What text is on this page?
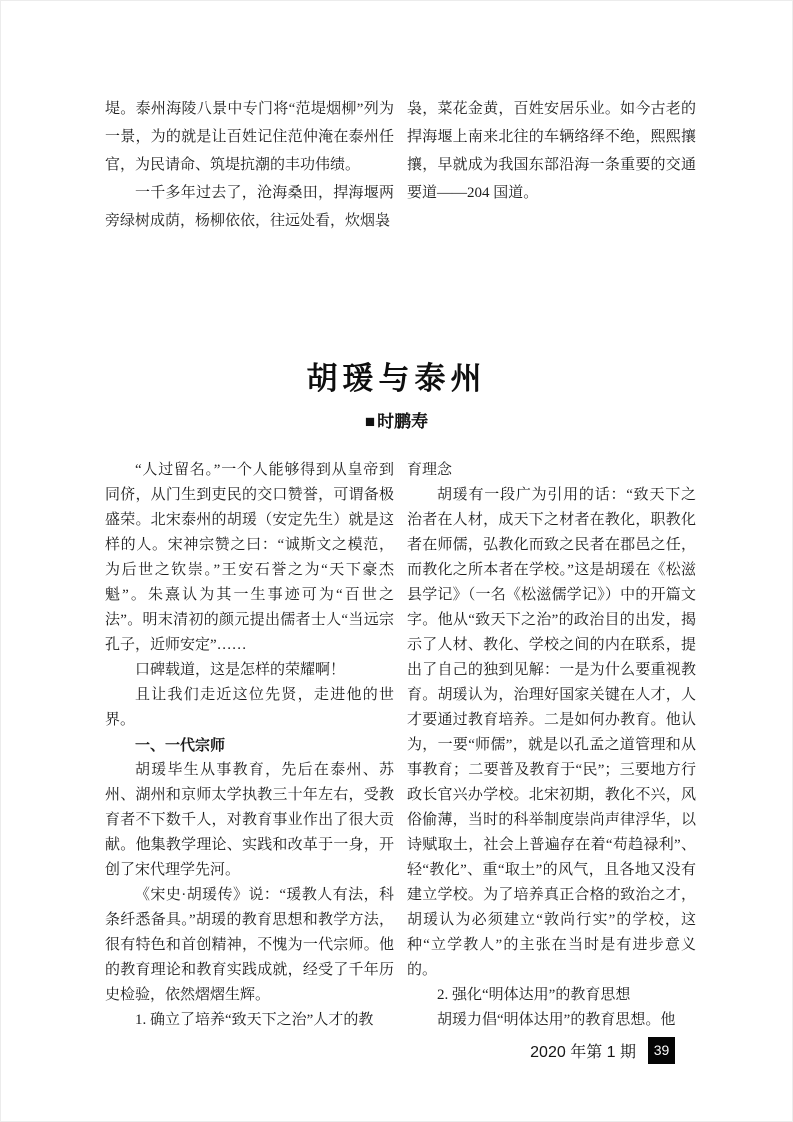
堤。泰州海陵八景中专门将“范堤烟柳”列为一景，为的就是让百姓记住范仲淹在泰州任官，为民请命、筑堤抗潮的丰功伟绩。

一千多年过去了，沧海桑田，捍海堰两旁绿树成荫，杨柳依依，往远处看，炊烟袅

袅，菜花金黄，百姓安居乐业。如今古老的捍海堰上南来北往的车辆络绎不绝，熙熙攘攘，早就成为我国东部沿海一条重要的交通要道——204 国道。

胡瑗与泰州
■ 时鹏寿

“人过留名。”一个人能够得到从皇帝到同侪，从门生到吏民的交口赞誉，可谓备极盛荣。北宋泰州的胡瑗（安定先生）就是这样的人。宋神宗赞之曰：“诚斯文之模范，为后世之钦崇。”王安石誉之为“天下豪杰魁”。朱熹认为其一生事迹可为“百世之法”。明末清初的颜元提出儒者士人“当远宗孔子，近师安定”……

口碑载道，这是怎样的荣耀啊！

且让我们走近这位先贤，走进他的世界。

一、一代宗师

胡瑗毕生从事教育，先后在泰州、苏州、湖州和京师太学执教三十年左右，受教育者不下数千人，对教育事业作出了很大贡献。他集教学理论、实践和改革于一身，开创了宋代理学先河。

《宋史·胡瑗传》说：“瑗教人有法，科条纤悉备具。”胡瑗的教育思想和教学方法，很有特色和首创精神，不愧为一代宗师。他的教育理论和教育实践成就，经受了千年历史检验，依然熠熠生辉。

1. 确立了培养“致天下之治”人才的教

育理念

胡瑗有一段广为引用的话：“致天下之治者在人材，成天下之材者在教化，职教化者在师儒，弘教化而致之民者在郡邑之任，而教化之所本者在学校。”这是胡瑗在《松滋县学记》（一名《松滋儒学记》）中的开篇文字。他从“致天下之治”的政治目的出发，揭示了人材、教化、学校之间的内在联系，提出了自己的独到见解：一是为什么要重视教育。胡瑗认为，治理好国家关键在人才，人才要通过教育培养。二是如何办教育。他认为，一要“师儒”，就是以孔孟之道管理和从事教育；二要普及教育于“民”；三要地方行政长官兴办学校。北宋初期，教化不兴，风俗偷薄，当时的科举制度崇尚声律浮华，以诗赋取土，社会上普遍存在着“苟趋禄利”、轻“教化”、重“取土”的风气，且各地又没有建立学校。为了培养真正合格的致治之才，胡瑗认为必须建立“敦尚行实”的学校，这种“立学教人”的主张在当时是有进步意义的。

2. 强化“明体达用”的教育思想

胡瑗力倡“明体达用”的教育思想。他

2020 年第 1 期	39
